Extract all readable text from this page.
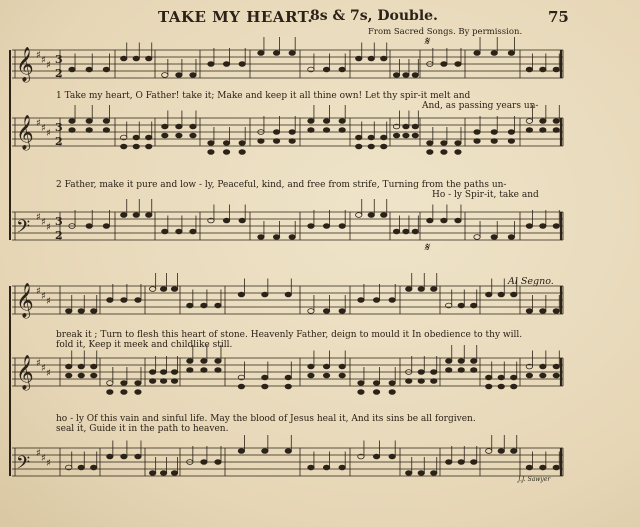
TAKE MY HEART.
8s & 7s, Double.	75
From Sacred Songs. By permission.
𝄞 ♯ ♯ ♯ 3
2
𝄞 ♯ ♯ ♯ 3
2
𝄢 ♯ ♯ ♯ 3
2
𝄞 ♯ ♯ ♯
𝄞 ♯ ♯ ♯
𝄢 ♯ ♯ ♯
𝄋
𝄋
Al Segno.
1 Take my heart, O Father! take it; Make and keep it all thine own! Let thy spir-it melt and
And, as passing years un-
2 Father, make it pure and low - ly, Peaceful, kind, and free from strife, Turning from the paths un-
Ho - ly Spir-it, take and
break it ; Turn to flesh this heart of stone. Heavenly Father, deign to mould it In obedience to thy will.
fold it, Keep it meek and childlike still.
ho - ly Of this vain and sinful life. May the blood of Jesus heal it, And its sins be all forgiven.
seal it, Guide it in the path to heaven.
J.J. Sawyer
